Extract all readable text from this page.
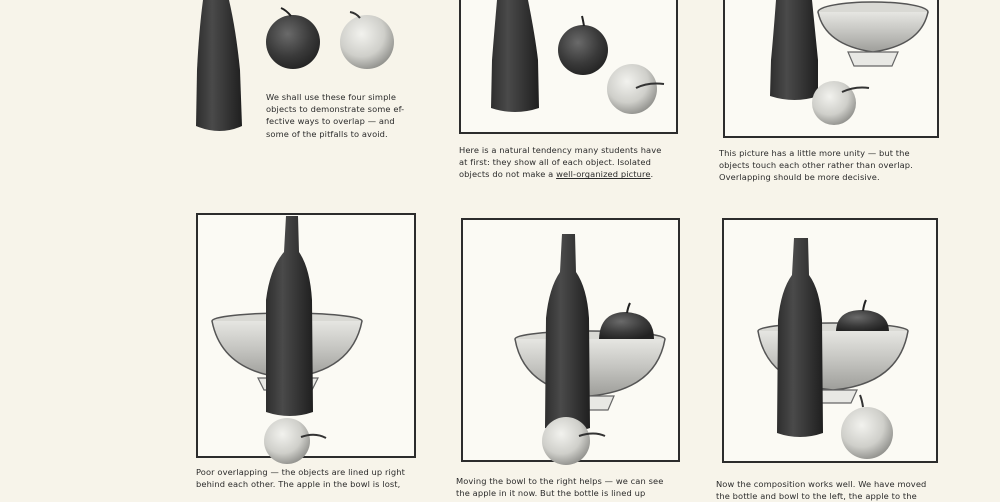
We shall use these four simple
objects to demonstrate some ef-
fective ways to overlap — and
some of the pitfalls to avoid.
Here is a natural tendency many students have
at first: they show all of each object. Isolated
objects do not make a well-organized picture.
This picture has a little more unity — but the
objects touch each other rather than overlap.
Overlapping should be more decisive.
Poor overlapping — the objects are lined up right
behind each other. The apple in the bowl is lost,	Moving the bowl to the right helps — we can see
the apple in it now. But the bottle is lined up
Now the composition works well. We have moved
the bottle and bowl to the left, the apple to the
